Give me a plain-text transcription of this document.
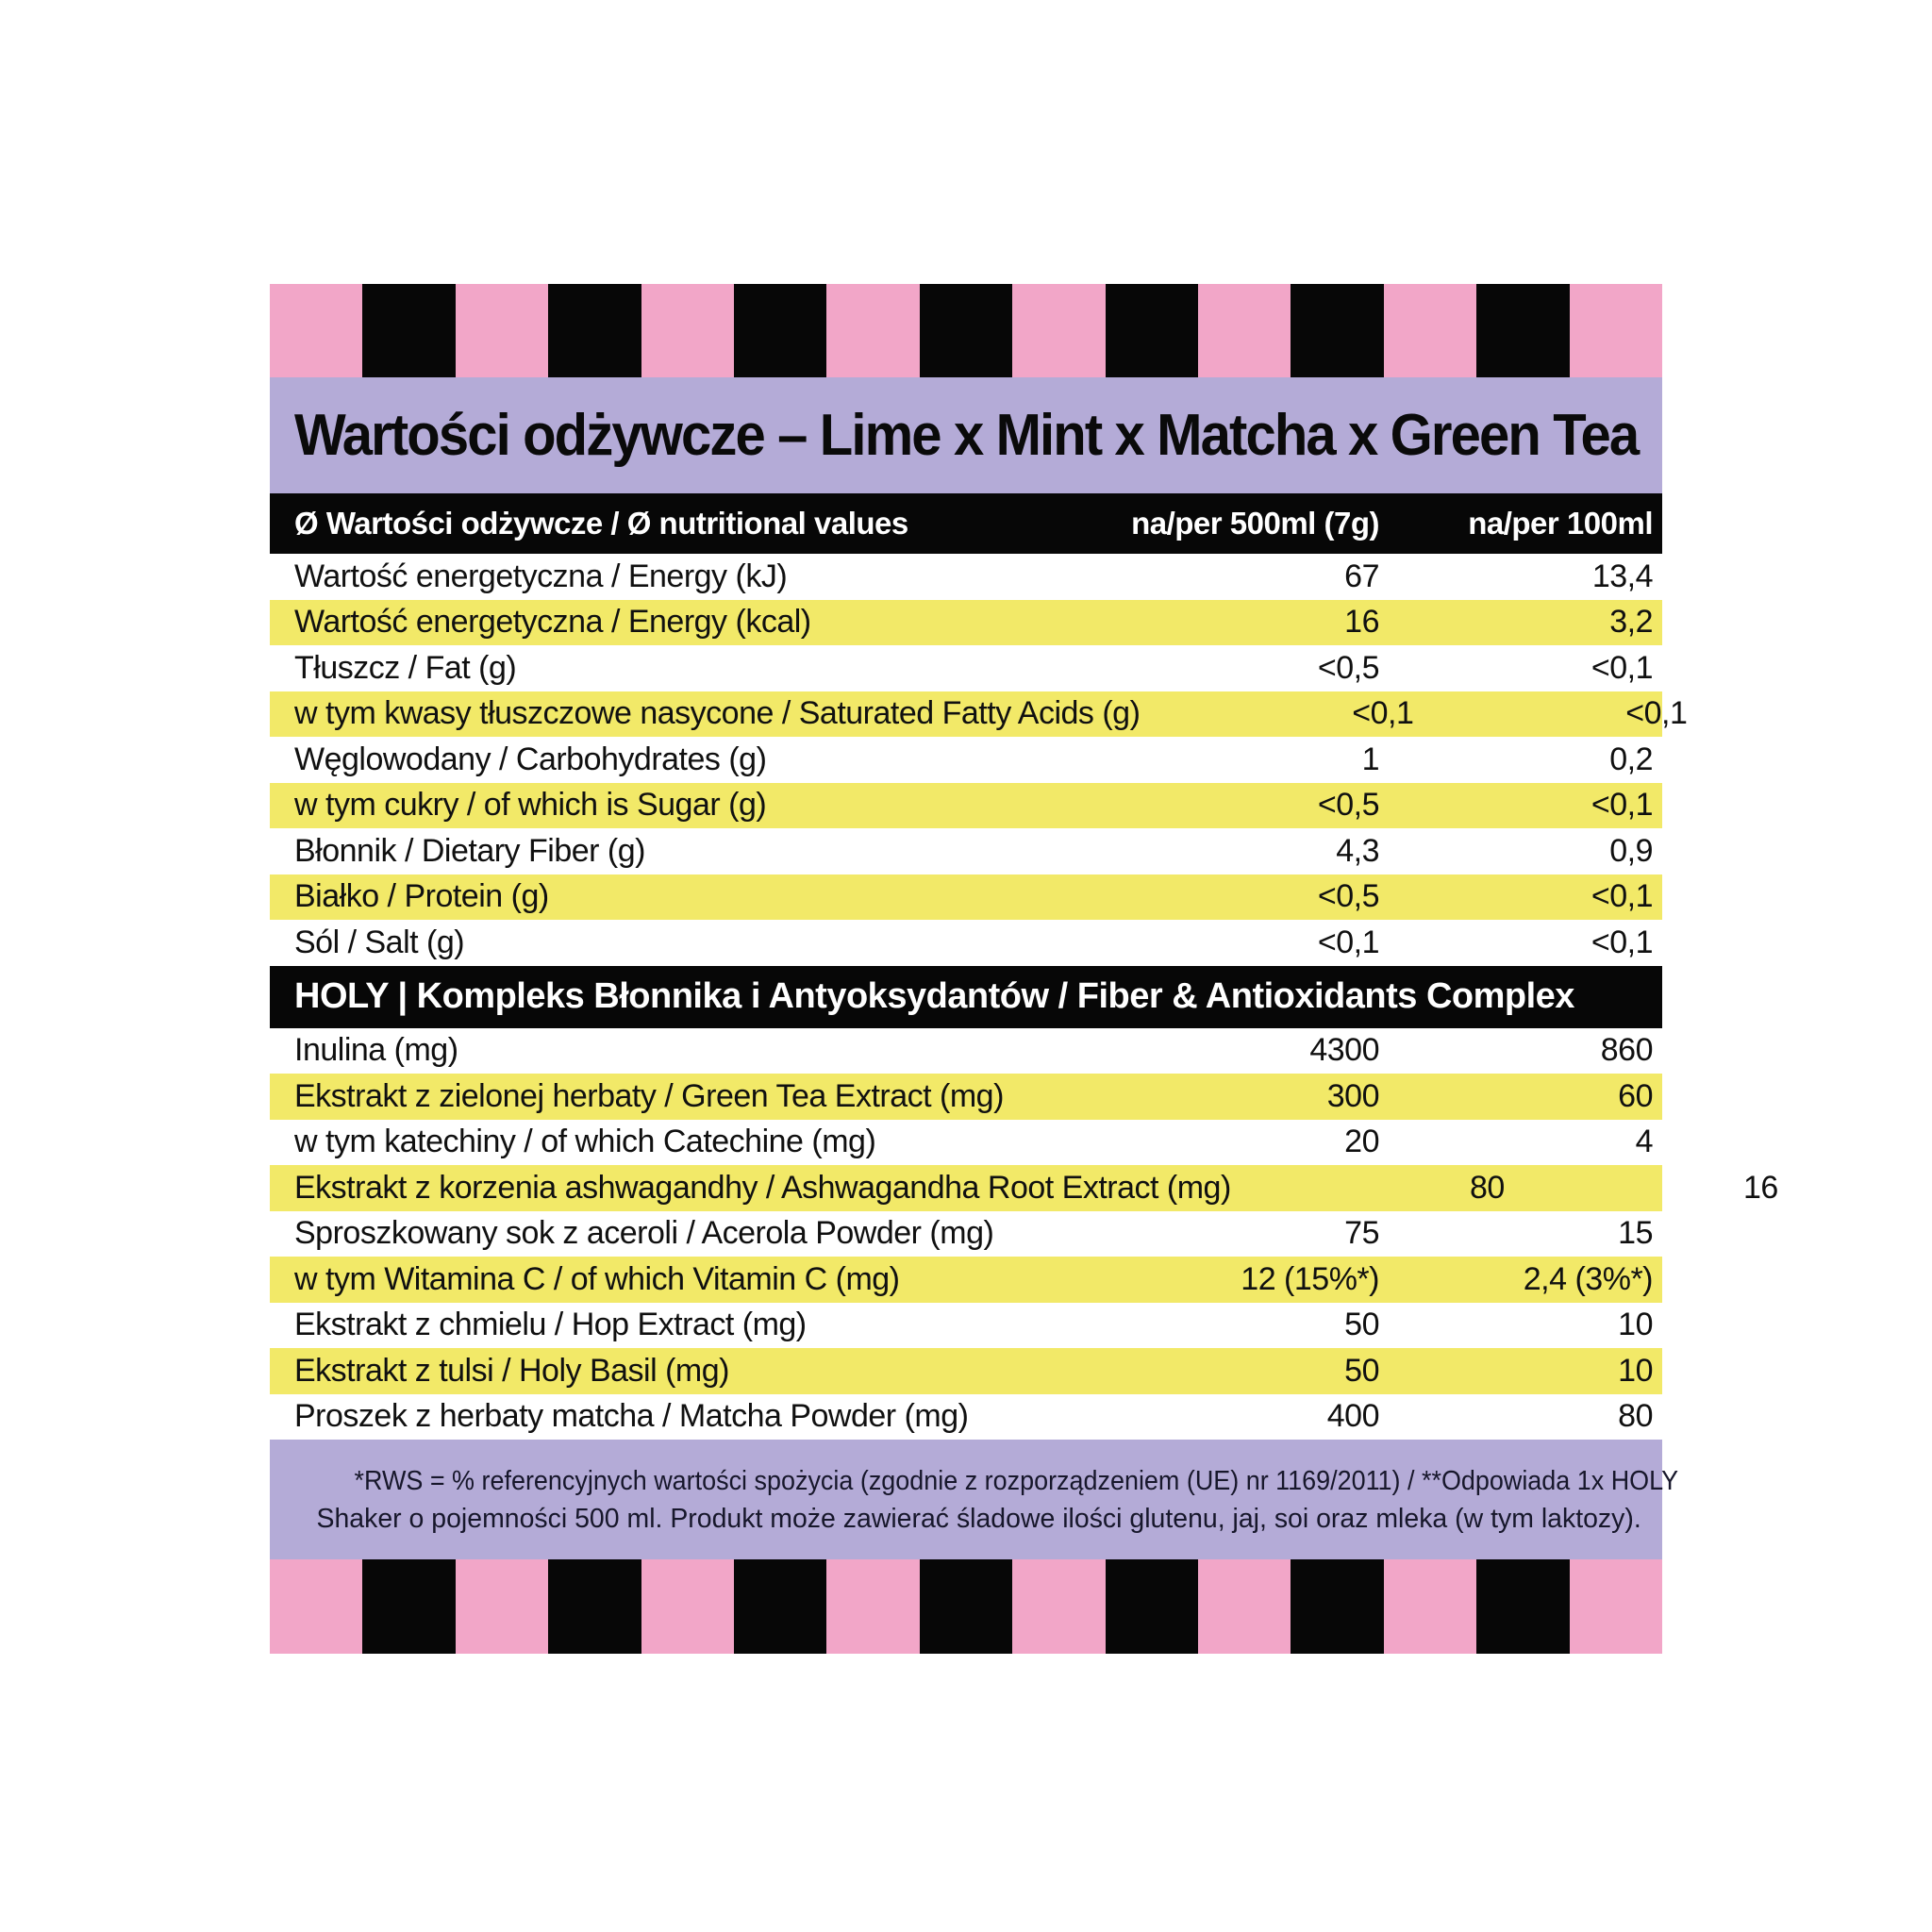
Wartości odżywcze – Lime x Mint x Matcha x Green Tea
Ø Wartości odżywcze / Ø nutritional values	na/per 500ml (7g)	na/per 100ml
Wartość energetyczna / Energy (kJ)	67	13,4
Wartość energetyczna / Energy (kcal)	16	3,2
Tłuszcz / Fat (g)	<0,5	<0,1
w tym kwasy tłuszczowe nasycone / Saturated Fatty Acids (g)	<0,1	<0,1
Węglowodany / Carbohydrates (g)	1	0,2
w tym cukry / of which is Sugar (g)	<0,5	<0,1
Błonnik / Dietary Fiber (g)	4,3	0,9
Białko / Protein (g)	<0,5	<0,1
Sól / Salt (g)	<0,1	<0,1
HOLY | Kompleks Błonnika i Antyoksydantów / Fiber & Antioxidants Complex
Inulina (mg)	4300	860
Ekstrakt z zielonej herbaty / Green Tea Extract (mg)	300	60
w tym katechiny / of which Catechine (mg)	20	4
Ekstrakt z korzenia ashwagandhy / Ashwagandha Root Extract (mg)	80	16
Sproszkowany sok z aceroli / Acerola Powder (mg)	75	15
w tym Witamina C / of which Vitamin C (mg)	12 (15%*)	2,4 (3%*)
Ekstrakt z chmielu / Hop Extract (mg)	50	10
Ekstrakt z tulsi / Holy Basil (mg)	50	10
Proszek z herbaty matcha / Matcha Powder (mg)	400	80
*RWS = % referencyjnych wartości spożycia (zgodnie z rozporządzeniem (UE) nr 1169/2011) / **Odpowiada 1x HOLY
Shaker o pojemności 500 ml. Produkt może zawierać śladowe ilości glutenu, jaj, soi oraz mleka (w tym laktozy).
